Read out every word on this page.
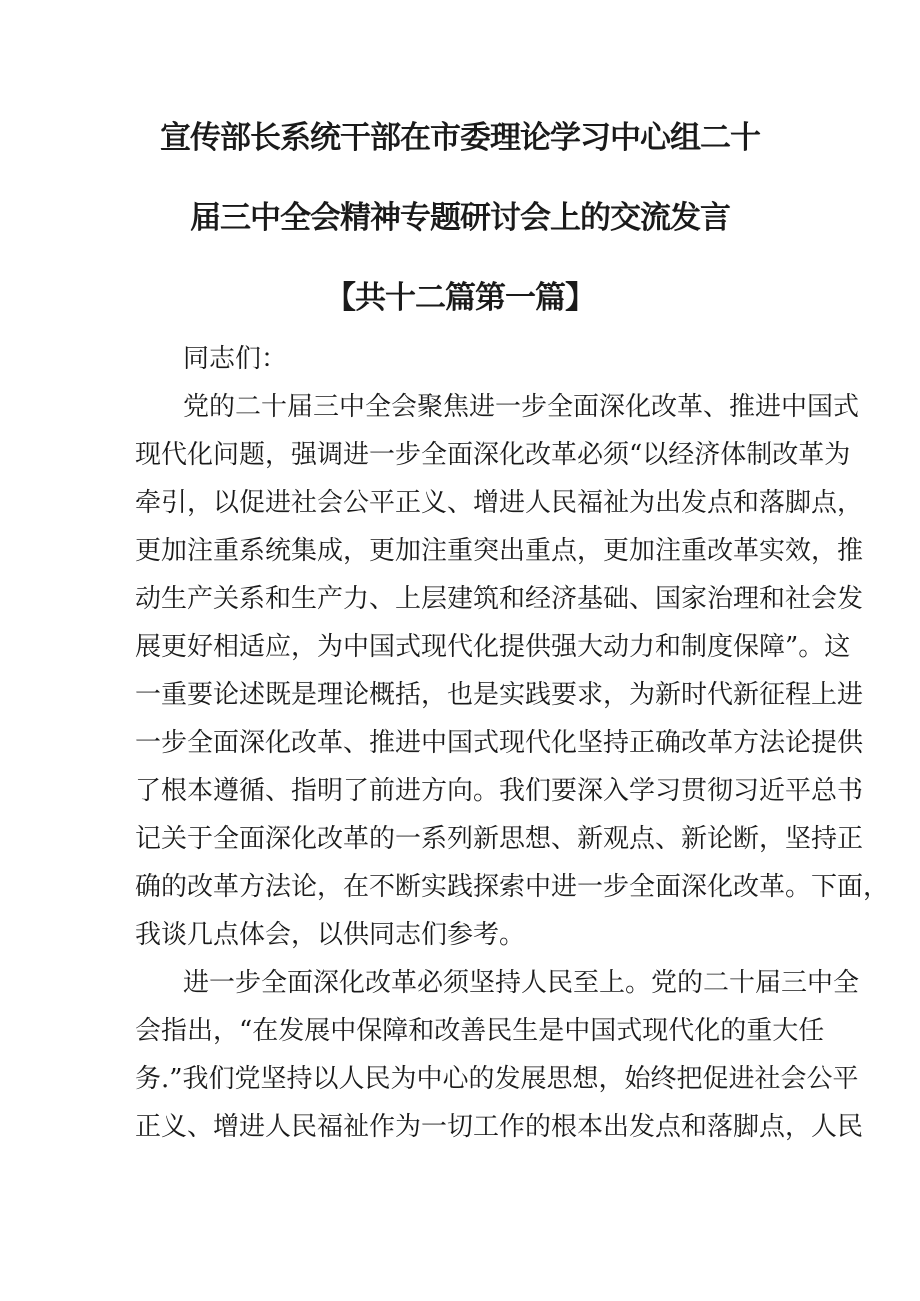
宣传部长系统干部在市委理论学习中心组二十
届三中全会精神专题研讨会上的交流发言
【共十二篇第一篇】
同志们：
党的二十届三中全会聚焦进一步全面深化改革、推进中国式
现代化问题，强调进一步全面深化改革必须“以经济体制改革为
牵引，以促进社会公平正义、增进人民福祉为出发点和落脚点，
更加注重系统集成，更加注重突出重点，更加注重改革实效，推
动生产关系和生产力、上层建筑和经济基础、国家治理和社会发
展更好相适应，为中国式现代化提供强大动力和制度保障”。这
一重要论述既是理论概括，也是实践要求，为新时代新征程上进
一步全面深化改革、推进中国式现代化坚持正确改革方法论提供
了根本遵循、指明了前进方向。我们要深入学习贯彻习近平总书
记关于全面深化改革的一系列新思想、新观点、新论断，坚持正
确的改革方法论，在不断实践探索中进一步全面深化改革。下面，
我谈几点体会，以供同志们参考。
进一步全面深化改革必须坚持人民至上。党的二十届三中全
会指出，“在发展中保障和改善民生是中国式现代化的重大任
务.”我们党坚持以人民为中心的发展思想，始终把促进社会公平
正义、增进人民福祉作为一切工作的根本出发点和落脚点，人民
